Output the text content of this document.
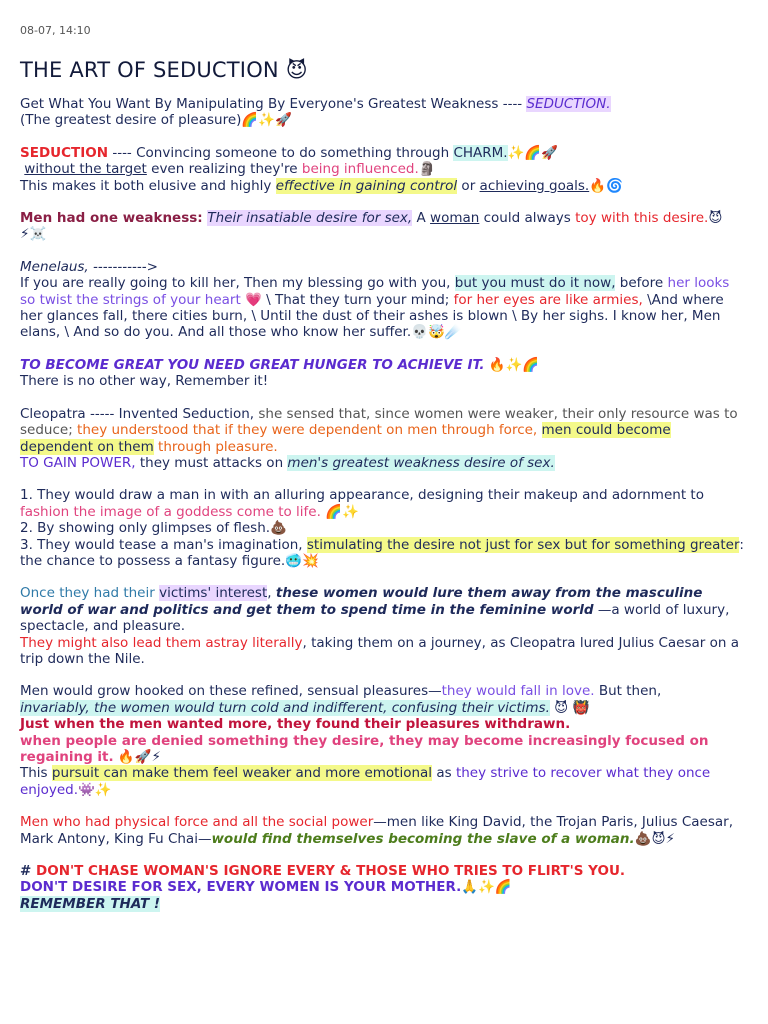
08-07, 14:10
THE ART OF SEDUCTION 😈

Get What You Want By Manipulating By Everyone's Greatest Weakness ---- SEDUCTION.
(The greatest desire of pleasure)🌈✨🚀

SEDUCTION ---- Convincing someone to do something through CHARM.✨🌈🚀
without the target even realizing they're being influenced.🗿
This makes it both elusive and highly effective in gaining control or achieving goals.🔥🌀

Men had one weakness: Their insatiable desire for sex, A woman could always toy with this desire.😈⚡☠️

Menelaus, ----------->
If you are really going to kill her, Then my blessing go with you, but you must do it now, before her looks so twist the strings of your heart 💗 \ That they turn your mind; for her eyes are like armies, \And where her glances fall, there cities burn, \ Until the dust of their ashes is blown \ By her sighs. I know her, Men elans, \ And so do you. And all those who know her suffer.💀🤯☄️

TO BECOME GREAT YOU NEED GREAT HUNGER TO ACHIEVE IT. 🔥✨🌈
There is no other way, Remember it!

Cleopatra ----- Invented Seduction, she sensed that, since women were weaker, their only resource was to seduce; they understood that if they were dependent on men through force, men could become dependent on them through pleasure.
TO GAIN POWER, they must attacks on men's greatest weakness desire of sex.

1. They would draw a man in with an alluring appearance, designing their makeup and adornment to fashion the image of a goddess come to life. 🌈✨
2. By showing only glimpses of flesh.💩
3. They would tease a man's imagination, stimulating the desire not just for sex but for something greater: the chance to possess a fantasy figure.🥶💥

Once they had their victims' interest, these women would lure them away from the masculine world of war and politics and get them to spend time in the feminine world —a world of luxury, spectacle, and pleasure.
They might also lead them astray literally, taking them on a journey, as Cleopatra lured Julius Caesar on a trip down the Nile.

Men would grow hooked on these refined, sensual pleasures—they would fall in love. But then,
invariably, the women would turn cold and indifferent, confusing their victims. 😈 👹
Just when the men wanted more, they found their pleasures withdrawn.
when people are denied something they desire, they may become increasingly focused on regaining it. 🔥🚀⚡
This pursuit can make them feel weaker and more emotional as they strive to recover what they once enjoyed.👾✨

Men who had physical force and all the social power—men like King David, the Trojan Paris, Julius Caesar, Mark Antony, King Fu Chai—would find themselves becoming the slave of a woman.💩😈⚡

# DON'T CHASE WOMAN'S IGNORE EVERY & THOSE WHO TRIES TO FLIRT'S YOU.
DON'T DESIRE FOR SEX, EVERY WOMEN IS YOUR MOTHER.🙏✨🌈
REMEMBER THAT !
